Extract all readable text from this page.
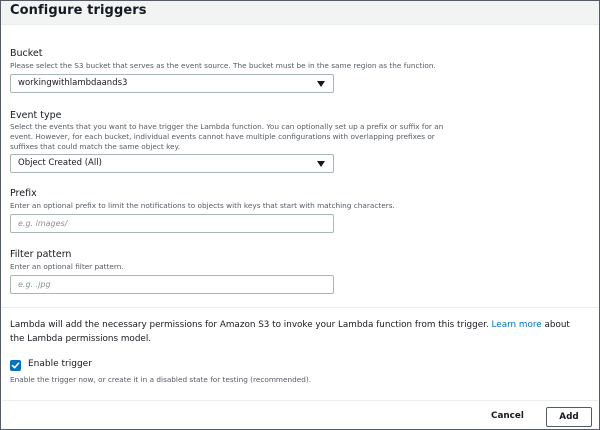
Configure triggers
Bucket
Please select the S3 bucket that serves as the event source. The bucket must be in the same region as the function.
workingwithlambdaands3
Event type
Select the events that you want to have trigger the Lambda function. You can optionally set up a prefix or suffix for an
event. However, for each bucket, individual events cannot have multiple configurations with overlapping prefixes or
suffixes that could match the same object key.
Object Created (All)
Prefix
Enter an optional prefix to limit the notifications to objects with keys that start with matching characters.
e.g. images/
Filter pattern
Enter an optional filter pattern.
e.g. .jpg
Lambda will add the necessary permissions for Amazon S3 to invoke your Lambda function from this trigger. Learn more about the Lambda permissions model.
Enable trigger
Enable the trigger now, or create it in a disabled state for testing (recommended).
Cancel	Add
